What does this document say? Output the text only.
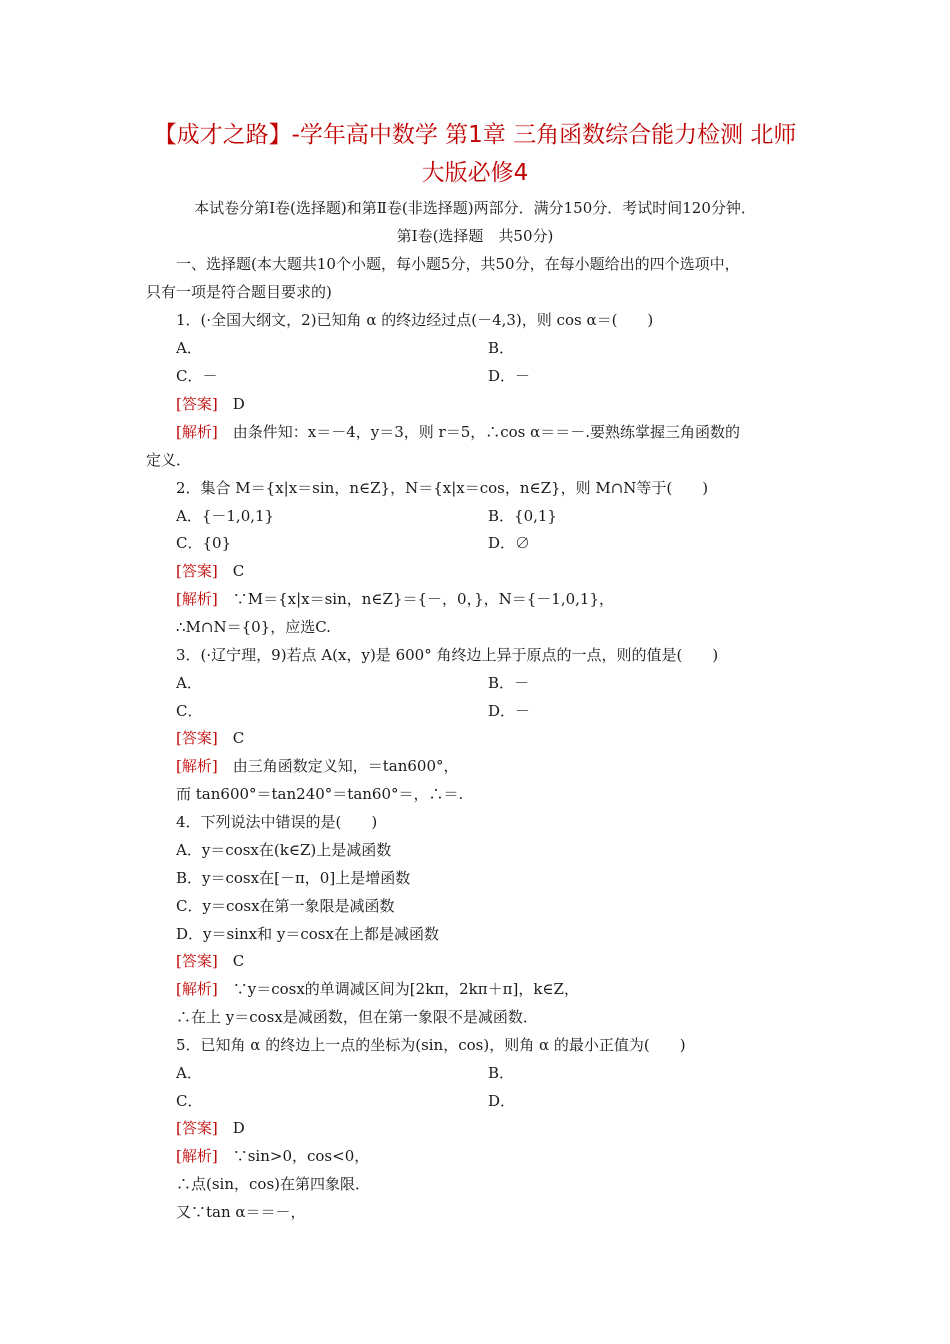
【成才之路】-学年高中数学 第1章 三角函数综合能力检测 北师
大版必修4
本试卷分第Ⅰ卷(选择题)和第Ⅱ卷(非选择题)两部分．满分150分．考试时间120分钟．
第Ⅰ卷(选择题　共50分)
一、选择题(本大题共10个小题，每小题5分，共50分，在每小题给出的四个选项中，
只有一项是符合题目要求的)
1．(·全国大纲文，2)已知角 α 的终边经过点(－4,3)，则 cos α＝(　　)
A．	B．
C．－	D．－
[答案]　 D
[解析]　 由条件知：x＝－4，y＝3，则 r＝5，∴cos α＝＝－.要熟练掌握三角函数的
定义．
2．集合 M＝{x|x＝sin，n∈Z}，N＝{x|x＝cos，n∈Z}，则 M∩N等于(　　)
A．{－1,0,1}	B．{0,1}
C．{0}	D．∅
[答案]　 C
[解析]　 ∵M＝{x|x＝sin，n∈Z}＝{－，0，}，N＝{－1,0,1}，
∴M∩N＝{0}，应选C.
3．(·辽宁理，9)若点 A(x，y)是 600° 角终边上异于原点的一点，则的值是(　　)
A．	B．－
C．	D．－
[答案]　 C
[解析]　 由三角函数定义知，＝tan600°，
而 tan600°＝tan240°＝tan60°＝，∴＝.
4．下列说法中错误的是(　　)
A．y＝cosx在(k∈Z)上是减函数
B．y＝cosx在[－π，0]上是增函数
C．y＝cosx在第一象限是减函数
D．y＝sinx和 y＝cosx在上都是减函数
[答案]　 C
[解析]　 ∵y＝cosx的单调减区间为[2kπ，2kπ＋π]，k∈Z，
∴在上 y＝cosx是减函数，但在第一象限不是减函数．
5．已知角 α 的终边上一点的坐标为(sin，cos)，则角 α 的最小正值为(　　)
A．	B．
C．	D．
[答案]　 D
[解析]　 ∵sin>0，cos<0，
∴点(sin，cos)在第四象限．
又∵tan α＝＝－，
